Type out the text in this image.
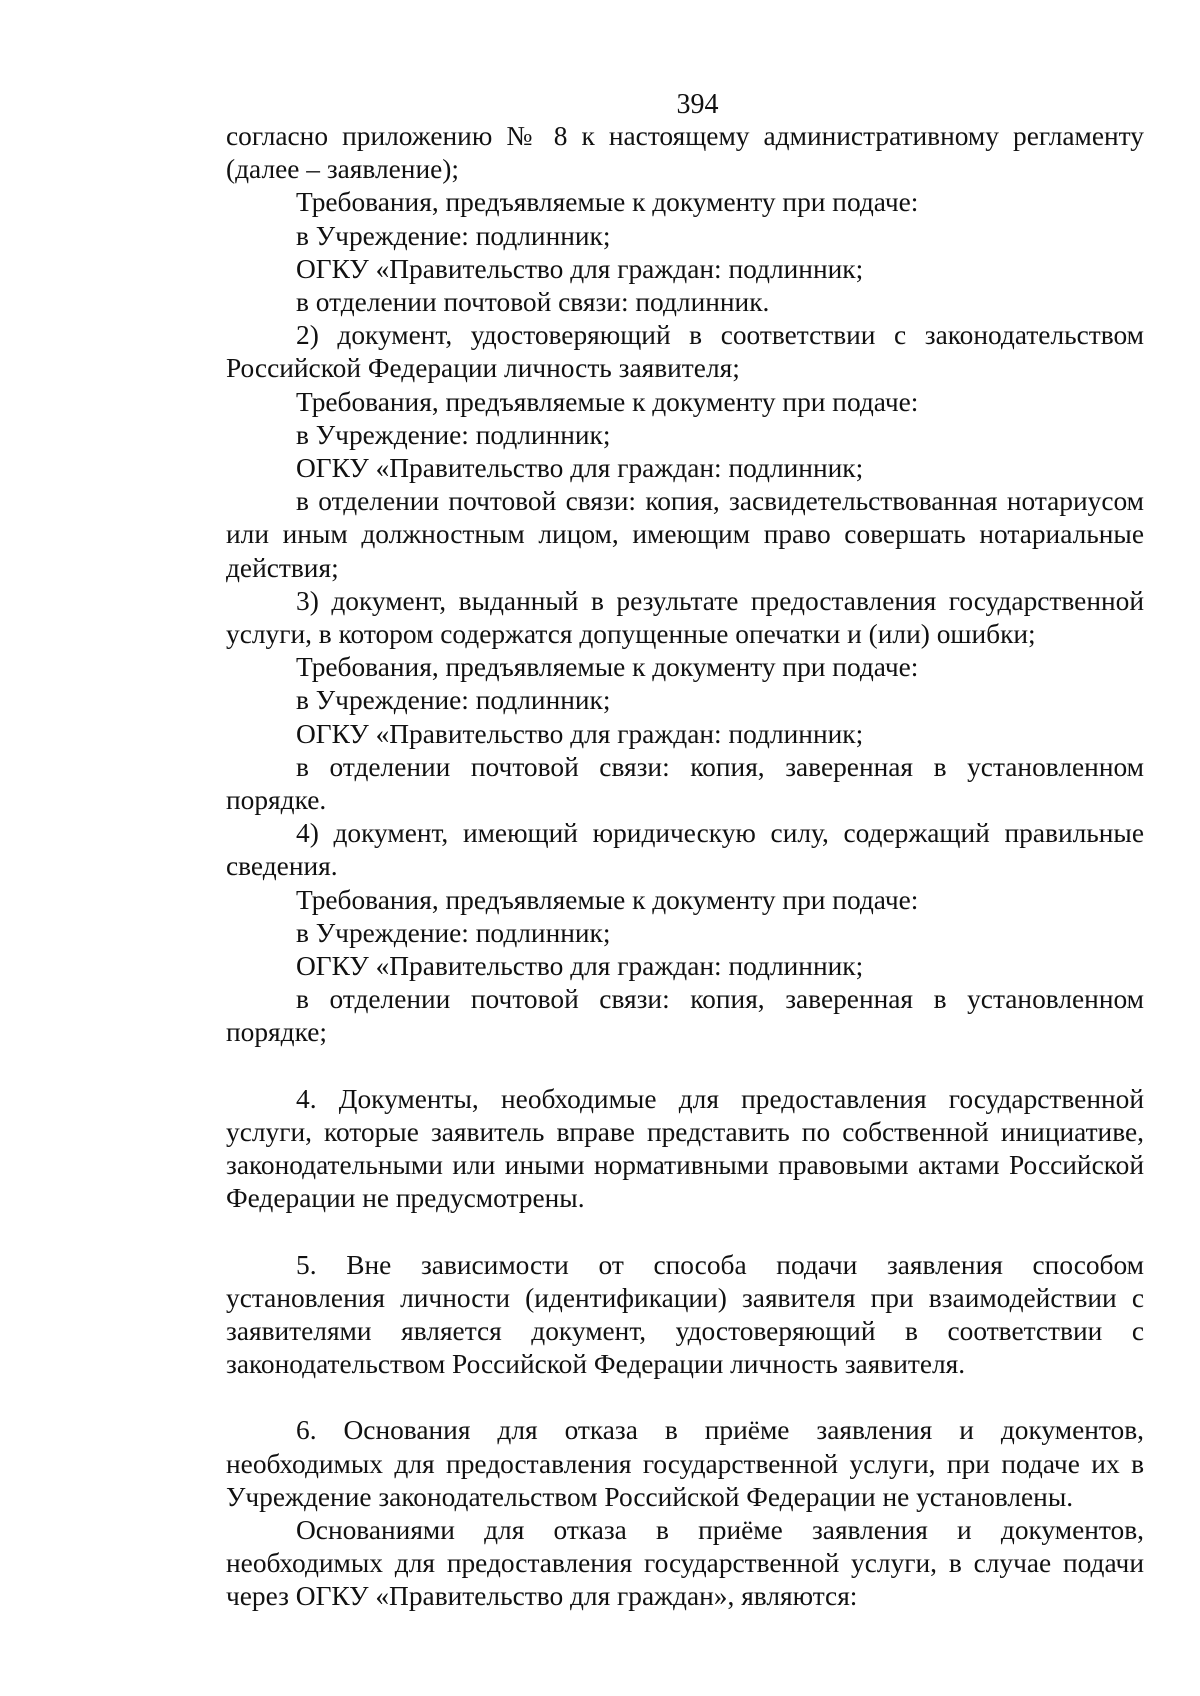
394

согласно приложению № 8 к настоящему административному регламенту (далее – заявление);

Требования, предъявляемые к документу при подаче:

в Учреждение: подлинник;

ОГКУ «Правительство для граждан: подлинник;

в отделении почтовой связи: подлинник.

2) документ, удостоверяющий в соответствии с законодательством Российской Федерации личность заявителя;

Требования, предъявляемые к документу при подаче:

в Учреждение: подлинник;

ОГКУ «Правительство для граждан: подлинник;

в отделении почтовой связи: копия, засвидетельствованная нотариусом или иным должностным лицом, имеющим право совершать нотариальные действия;

3) документ, выданный в результате предоставления государственной услуги, в котором содержатся допущенные опечатки и (или) ошибки;

Требования, предъявляемые к документу при подаче:

в Учреждение: подлинник;

ОГКУ «Правительство для граждан: подлинник;

в отделении почтовой связи: копия, заверенная в установленном порядке.

4) документ, имеющий юридическую силу, содержащий правильные сведения.

Требования, предъявляемые к документу при подаче:

в Учреждение: подлинник;

ОГКУ «Правительство для граждан: подлинник;

в отделении почтовой связи: копия, заверенная в установленном порядке;

4. Документы, необходимые для предоставления государственной услуги, которые заявитель вправе представить по собственной инициативе, законодательными или иными нормативными правовыми актами Российской Федерации не предусмотрены.

5. Вне зависимости от способа подачи заявления способом установления личности (идентификации) заявителя при взаимодействии с заявителями является документ, удостоверяющий в соответствии с законодательством Российской Федерации личность заявителя.

6. Основания для отказа в приёме заявления и документов, необходимых для предоставления государственной услуги, при подаче их в Учреждение законодательством Российской Федерации не установлены.

Основаниями для отказа в приёме заявления и документов, необходимых для предоставления государственной услуги, в случае подачи через ОГКУ «Правительство для граждан», являются:
